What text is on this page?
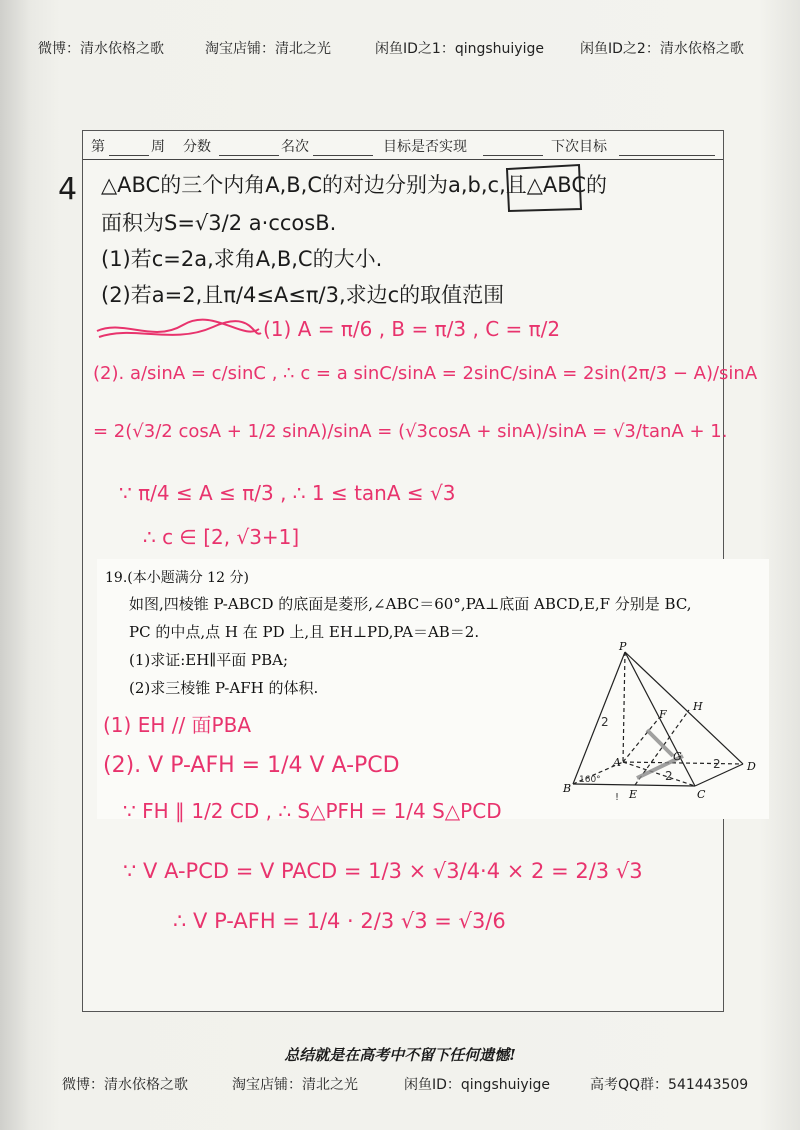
微博：清水依格之歌	淘宝店铺：清北之光	闲鱼ID之1：qingshuiyige	闲鱼ID之2：清水依格之歌
4
第	周 分数	名次	目标是否实现	下次目标
△ABC的三个内角A,B,C的对边分别为a,b,c,且△ABC的
面积为S=√3/2 a·ccosB.
(1)若c=2a,求角A,B,C的大小.
(2)若a=2,且π/4≤A≤π/3,求边c的取值范围
(1) A = π/6 , B = π/3 , C = π/2
(2). a/sinA = c/sinC , ∴ c = a sinC/sinA = 2sinC/sinA = 2sin(2π/3 − A)/sinA
= 2(√3/2 cosA + 1/2 sinA)/sinA = (√3cosA + sinA)/sinA = √3/tanA + 1.
∵ π/4 ≤ A ≤ π/3 , ∴ 1 ≤ tanA ≤ √3
∴ c ∈ [2, √3+1]
19.(本小题满分 12 分)
如图,四棱锥 P-ABCD 的底面是菱形,∠ABC＝60°,PA⊥底面 ABCD,E,F 分别是 BC,
PC 的中点,点 H 在 PD 上,且 EH⊥PD,PA＝AB＝2.
(1)求证:EH∥平面 PBA;
(2)求三棱锥 P-AFH 的体积.
P
A
B	C
D
E
F
H
G
2
2
2
160°
!
(1) EH // 面PBA
(2). V P-AFH = 1/4 V A-PCD
∵ FH ∥ 1/2 CD , ∴ S△PFH = 1/4 S△PCD
∵ V A-PCD = V PACD = 1/3 × √3/4·4 × 2 = 2/3 √3
∴ V P-AFH = 1/4 · 2/3 √3 = √3/6
总结就是在高考中不留下任何遗憾!
微博：清水依格之歌	淘宝店铺：清北之光	闲鱼ID：qingshuiyige	高考QQ群：541443509
